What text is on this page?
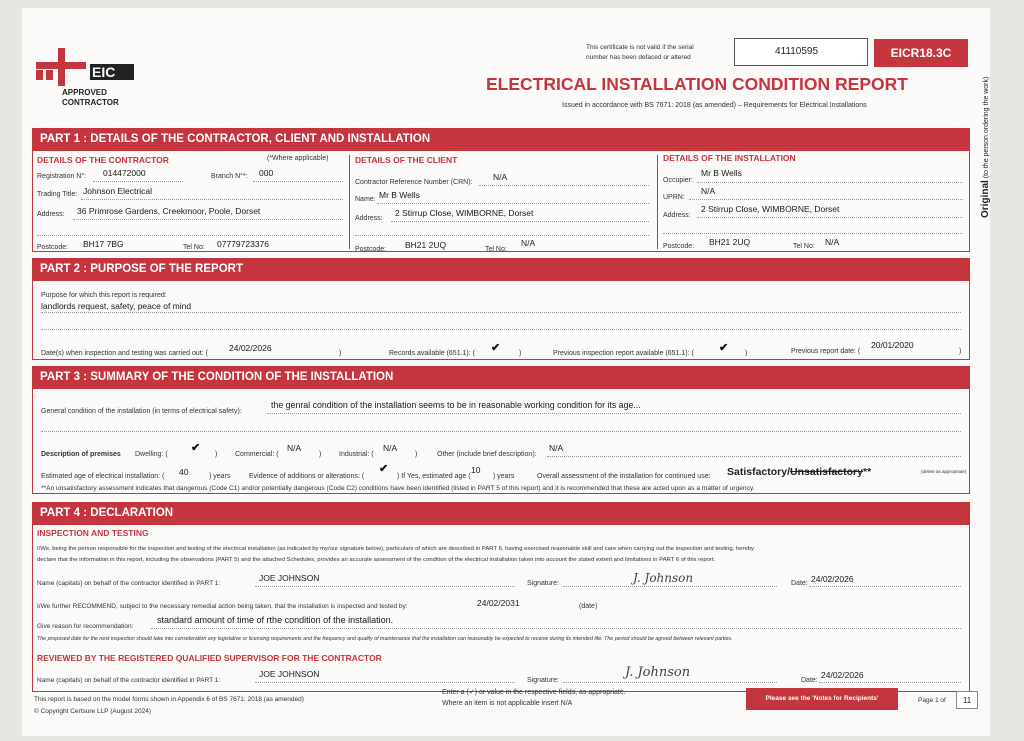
EIC
APPROVED
CONTRACTOR
This certificate is not valid if the serial
number has been defaced or altered
41110595	EICR18.3C
ELECTRICAL INSTALLATION CONDITION REPORT
Issued in accordance with BS 7671: 2018 (as amended) – Requirements for Electrical Installations
Original (to the person ordering the work)
PART 1 : DETAILS OF THE CONTRACTOR, CLIENT AND INSTALLATION
DETAILS OF THE CONTRACTOR	(*Where applicable)
Registration N°: 014472000	Branch N°*: 000
Trading Title: Johnson Electrical
Address: 36 Primrose Gardens, Creekmoor, Poole, Dorset
Postcode: BH17 7BG	Tel No: 07779723376
DETAILS OF THE CLIENT
Contractor Reference Number (CRN):
N/A
Name: Mr B Wells
Address:
2 Stirrup Close, WIMBORNE, Dorset
Postcode: BH21 2UQ	Tel No:
N/A
DETAILS OF THE INSTALLATION
Occupier:
Mr B Wells
UPRN:
N/A
Address:
2 Stirrup Close, WIMBORNE, Dorset
Postcode: BH21 2UQ	Tel No: N/A
PART 2 : PURPOSE OF THE REPORT
Purpose for which this report is required:
landlords request, safety, peace of mind
Date(s) when inspection and testing was carried out: (
24/02/2026
)	Records available (651.1): ( ✔	)	Previous inspection report available (651.1): ( ✔ )	Previous report date: (
20/01/2020
)
PART 3 : SUMMARY OF THE CONDITION OF THE INSTALLATION
General condition of the installation (in terms of electrical safety):
the genral condition of the installation seems to be in reasonable working condition for its age...
Description of premises Dwelling: (
✔
)	Commercial: (
N/A
)	Industrial: (
N/A
)	Other (include brief description):
N/A
Estimated age of electrical installation: ( 40	) years	Evidence of additions or alterations: (
✔
) If Yes, estimated age (
10
) years	Overall assessment of the installation for continued use: Satisfactory/Unsatisfactory**	(delete as appropriate)
**An unsatisfactory assessment indicates that dangerous (Code C1) and/or potentially dangerous (Code C2) conditions have been identified (listed in PART 5 of this report) and it is recommended that these are acted upon as a matter of urgency.
PART 4 : DECLARATION
INSPECTION AND TESTING
I/We, being the person responsible for the inspection and testing of the electrical installation (as indicated by my/our signature below), particulars of which are described in PART 6, having exercised reasonable skill and care when carrying out the inspection and testing, hereby
declare that the information in this report, including the observations (PART 5) and the attached Schedules, provides an accurate assessment of the condition of the electrical installation taken into account the stated extent and limitations in PART 6 of this report.
Name (capitals) on behalf of the contractor identified in PART 1:
JOE JOHNSON
Signature:	J. Johnson	Date: 24/02/2026
I/We further RECOMMEND, subject to the necessary remedial action being taken, that the installation is inspected and tested by:	24/02/2031	(date)
Give reason for recommendation:
standard amount of time of rthe condition of the installation.
The proposed date for the next inspection should take into consideration any legislative or licensing requirements and the frequency and quality of maintenance that the installation can reasonably be expected to receive during its intended life. The period should be agreed between relevant parties.
REVIEWED BY THE REGISTERED QUALIFIED SUPERVISOR FOR THE CONTRACTOR
Name (capitals) on behalf of the contractor identified in PART 1:
JOE JOHNSON
Signature:
J. Johnson
Date:
24/02/2026
This report is based on the model forms shown in Appendix 6 of BS 7671: 2018 (as amended)
© Copyright Certsure LLP (August 2024)
Enter a (✓) or value in the respective fields, as appropriate.
Where an item is not applicable insert N/A
Please see the 'Notes for Recipients'	Page 1 of	11
